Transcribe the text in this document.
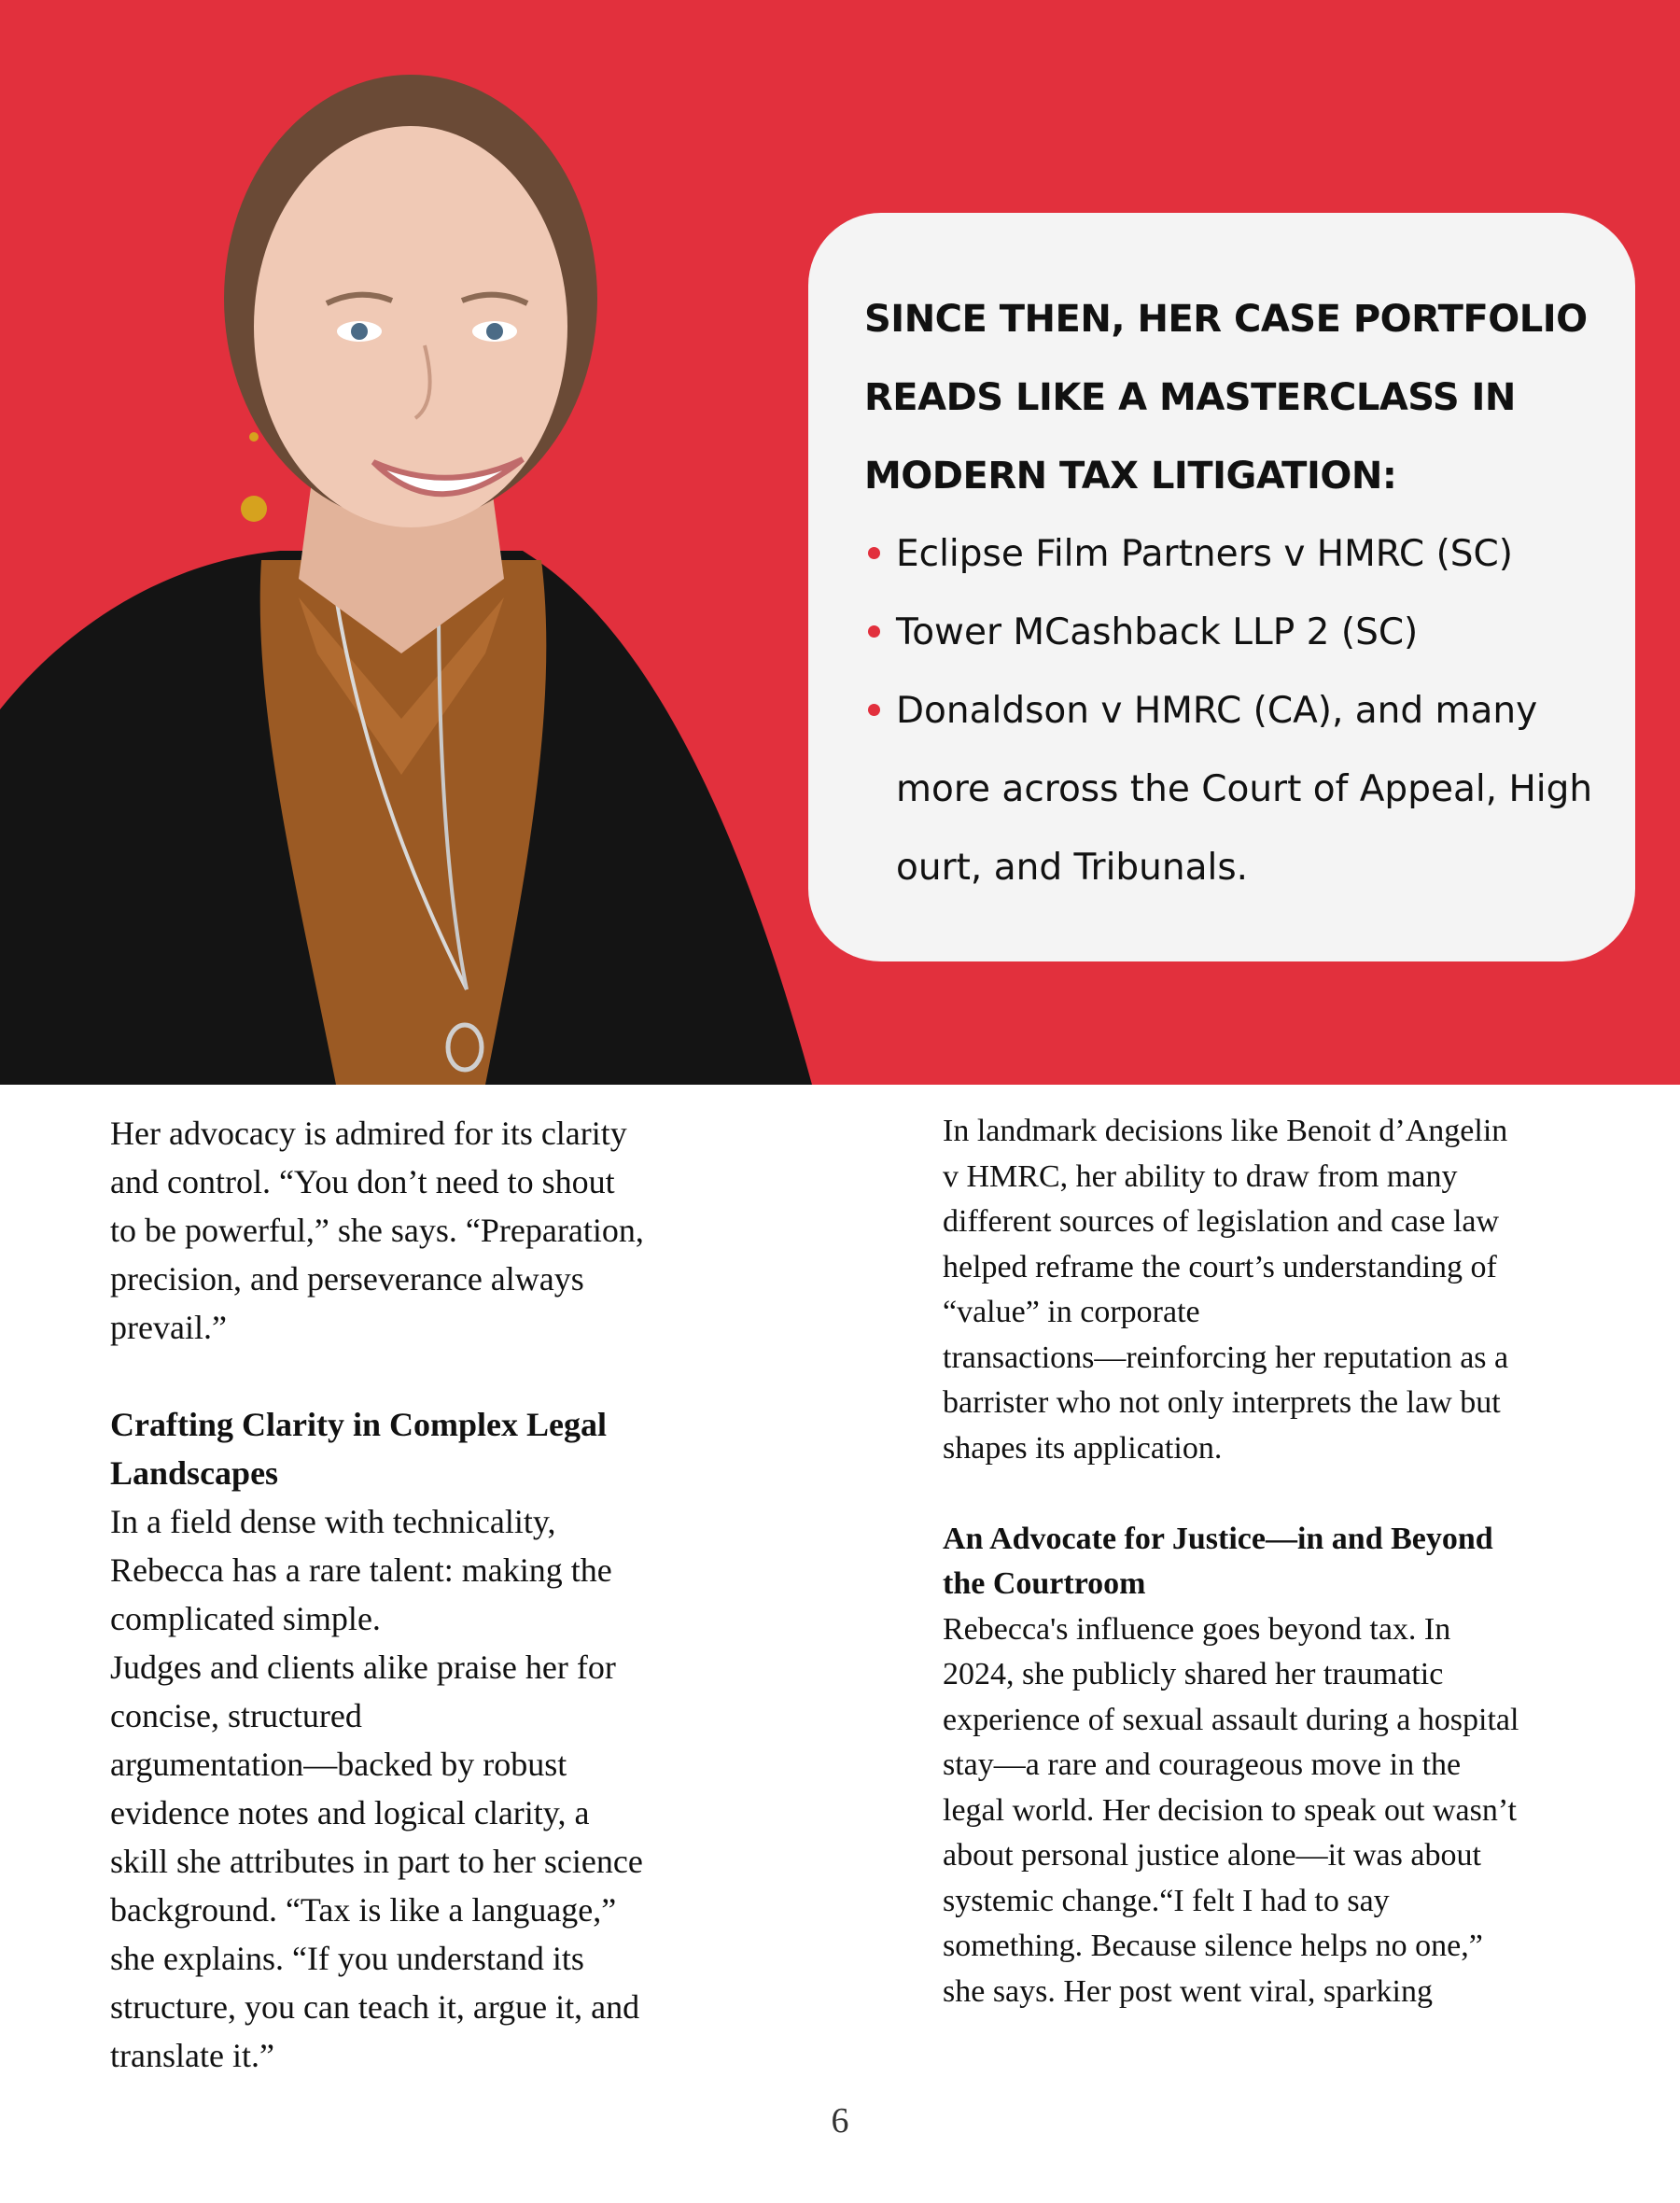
SINCE THEN, HER CASE PORTFOLIO
READS LIKE A MASTERCLASS IN
MODERN TAX LITIGATION:
Eclipse Film Partners v HMRC (SC)
Tower MCashback LLP 2 (SC)
Donaldson v HMRC (CA), and many
more across the Court of Appeal, High
ourt, and Tribunals.

Her advocacy is admired for its clarity
and control. “You don’t need to shout
to be powerful,” she says. “Preparation,
precision, and perseverance always
prevail.”

Crafting Clarity in Complex Legal
Landscapes

In a field dense with technicality,
Rebecca has a rare talent: making the
complicated simple.
Judges and clients alike praise her for
concise, structured
argumentation—backed by robust
evidence notes and logical clarity, a
skill she attributes in part to her science
background. “Tax is like a language,”
she explains. “If you understand its
structure, you can teach it, argue it, and
translate it.”

In landmark decisions like Benoit d’Angelin
v HMRC, her ability to draw from many
different sources of legislation and case law
helped reframe the court’s understanding of
“value” in corporate
transactions—reinforcing her reputation as a
barrister who not only interprets the law but
shapes its application.

An Advocate for Justice—in and Beyond
the Courtroom

Rebecca's influence goes beyond tax. In
2024, she publicly shared her traumatic
experience of sexual assault during a hospital
stay—a rare and courageous move in the
legal world. Her decision to speak out wasn’t
about personal justice alone—it was about
systemic change.“I felt I had to say
something. Because silence helps no one,”
she says. Her post went viral, sparking

6
